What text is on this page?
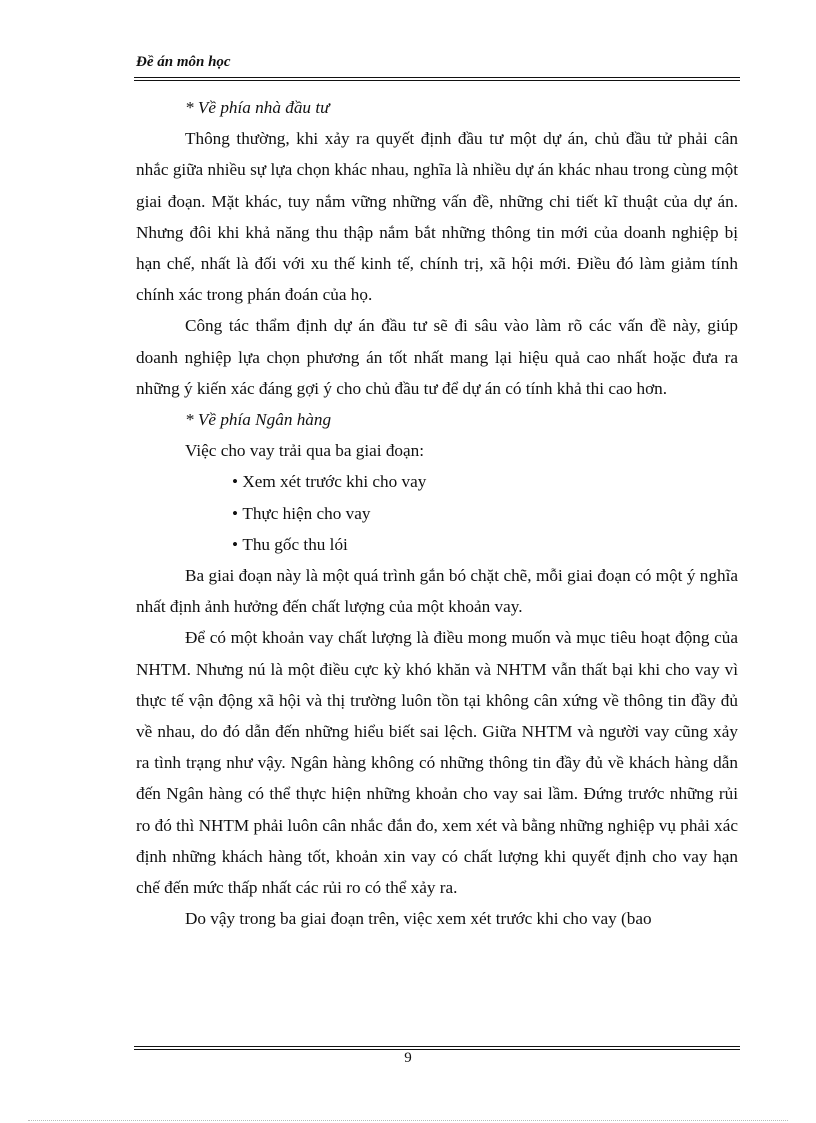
Đề án môn học

* Về phía nhà đầu tư

Thông thường, khi xảy ra quyết định đầu tư một dự án, chủ đầu tử phải cân nhắc giữa nhiều sự lựa chọn khác nhau, nghĩa là nhiều dự án khác nhau trong cùng một giai đoạn. Mặt khác, tuy nắm vững những vấn đề, những chi tiết kĩ thuật của dự án. Nhưng đôi khi khả năng thu thập nắm bắt những thông tin mới của doanh nghiệp bị hạn chế, nhất là đối với xu thế kinh tế, chính trị, xã hội mới. Điều đó làm giảm tính chính xác trong phán đoán của họ.

Công tác thẩm định dự án đầu tư sẽ đi sâu vào làm rõ các vấn đề này, giúp doanh nghiệp lựa chọn phương án tốt nhất mang lại hiệu quả cao nhất hoặc đưa ra những ý kiến xác đáng gợi ý cho chủ đầu tư để dự án có tính khả thi cao hơn.

* Về phía Ngân hàng

Việc cho vay trải qua ba giai đoạn:

• Xem xét trước khi cho vay
• Thực hiện cho vay
• Thu gốc thu lói

Ba giai đoạn này là một quá trình gắn bó chặt chẽ, mỗi giai đoạn có một ý nghĩa nhất định ảnh hưởng đến chất lượng của một khoản vay.

Để có một khoản vay chất lượng là điều mong muốn và mục tiêu hoạt động của NHTM. Nhưng nú là một điều cực kỳ khó khăn và NHTM vẫn thất bại khi cho vay vì thực tế vận động xã hội và thị trường luôn tồn tại không cân xứng về thông tin đầy đủ về nhau, do đó dẫn đến những hiểu biết sai lệch. Giữa NHTM và người vay cũng xảy ra tình trạng như vậy. Ngân hàng không có những thông tin đầy đủ về khách hàng dẫn đến Ngân hàng có thể thực hiện những khoản cho vay sai lầm. Đứng trước những rủi ro đó thì NHTM phải luôn cân nhắc đắn đo, xem xét và bằng những nghiệp vụ phải xác định những khách hàng tốt, khoản xin vay có chất lượng khi quyết định cho vay hạn chế đến mức thấp nhất các rủi ro có thể xảy ra.

Do vậy trong ba giai đoạn trên, việc xem xét trước khi cho vay (bao

9
